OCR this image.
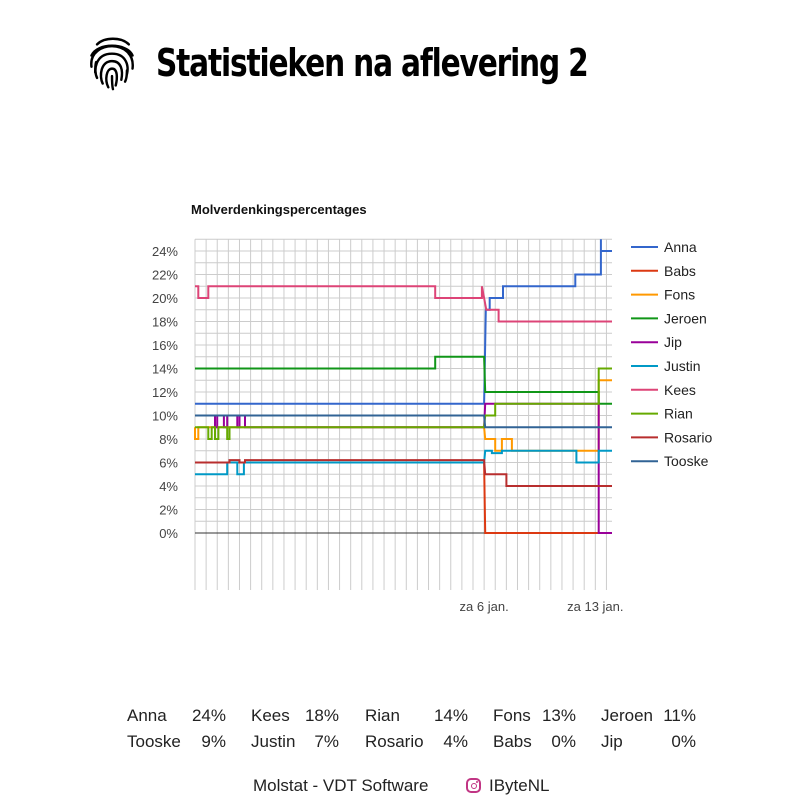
Statistieken na aflevering 2
Molverdenkingspercentages
0%
2%
4%
6%
8%
10%
12%
14%
16%
18%
20%
22%
24%
za 6 jan.	za 13 jan.
Anna
Babs
Fons
Jeroen
Jip
Justin
Kees
Rian
Rosario
Tooske
Anna 24% Kees 18% Rian 14% Fons 13% Jeroen 11%
Tooske	9% Justin	7% Rosario	4% Babs	0% Jip	0%
Molstat - VDT Software	IByteNL
